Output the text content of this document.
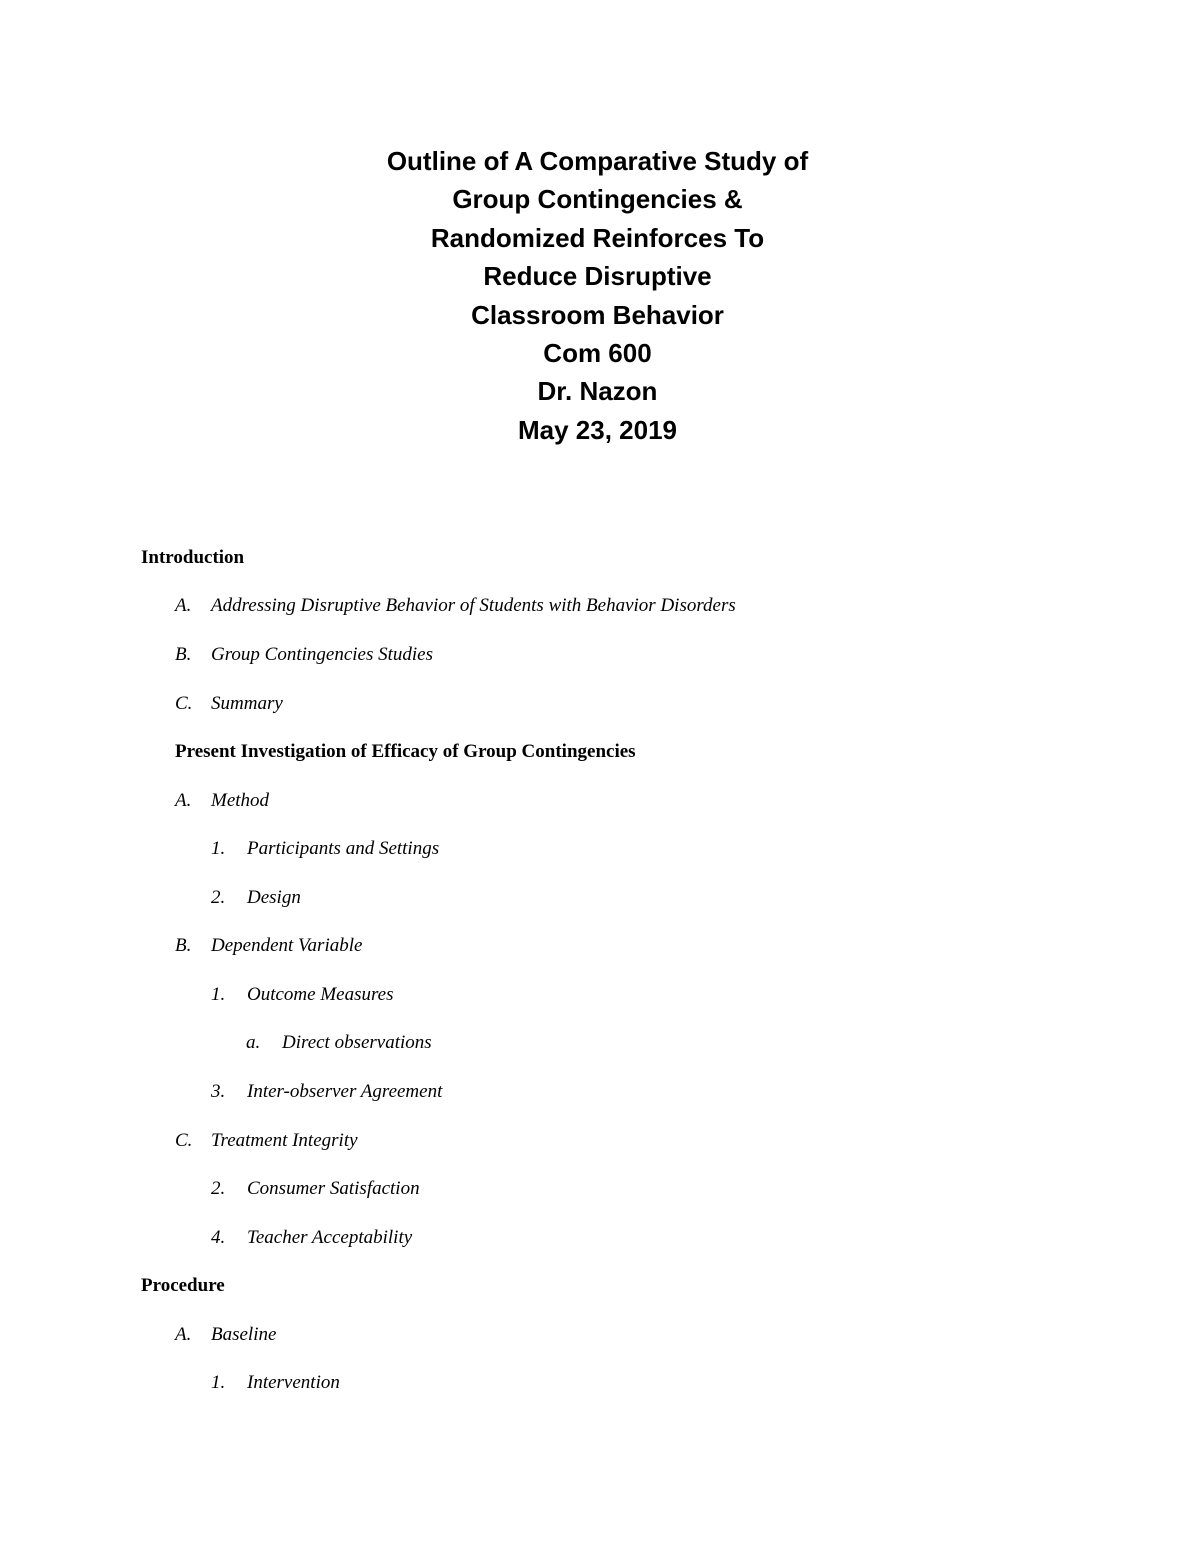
Outline of A Comparative Study of
Group Contingencies &
Randomized Reinforces To
Reduce Disruptive
Classroom Behavior
Com 600
Dr. Nazon
May 23, 2019
Introduction
A. Addressing Disruptive Behavior of Students with Behavior Disorders
B. Group Contingencies Studies
C. Summary
Present Investigation of Efficacy of Group Contingencies
A. Method
1. Participants and Settings
2. Design
B. Dependent Variable
1. Outcome Measures
a. Direct observations
3. Inter-observer Agreement
C. Treatment Integrity
2. Consumer Satisfaction
4. Teacher Acceptability
Procedure
A. Baseline
1. Intervention
